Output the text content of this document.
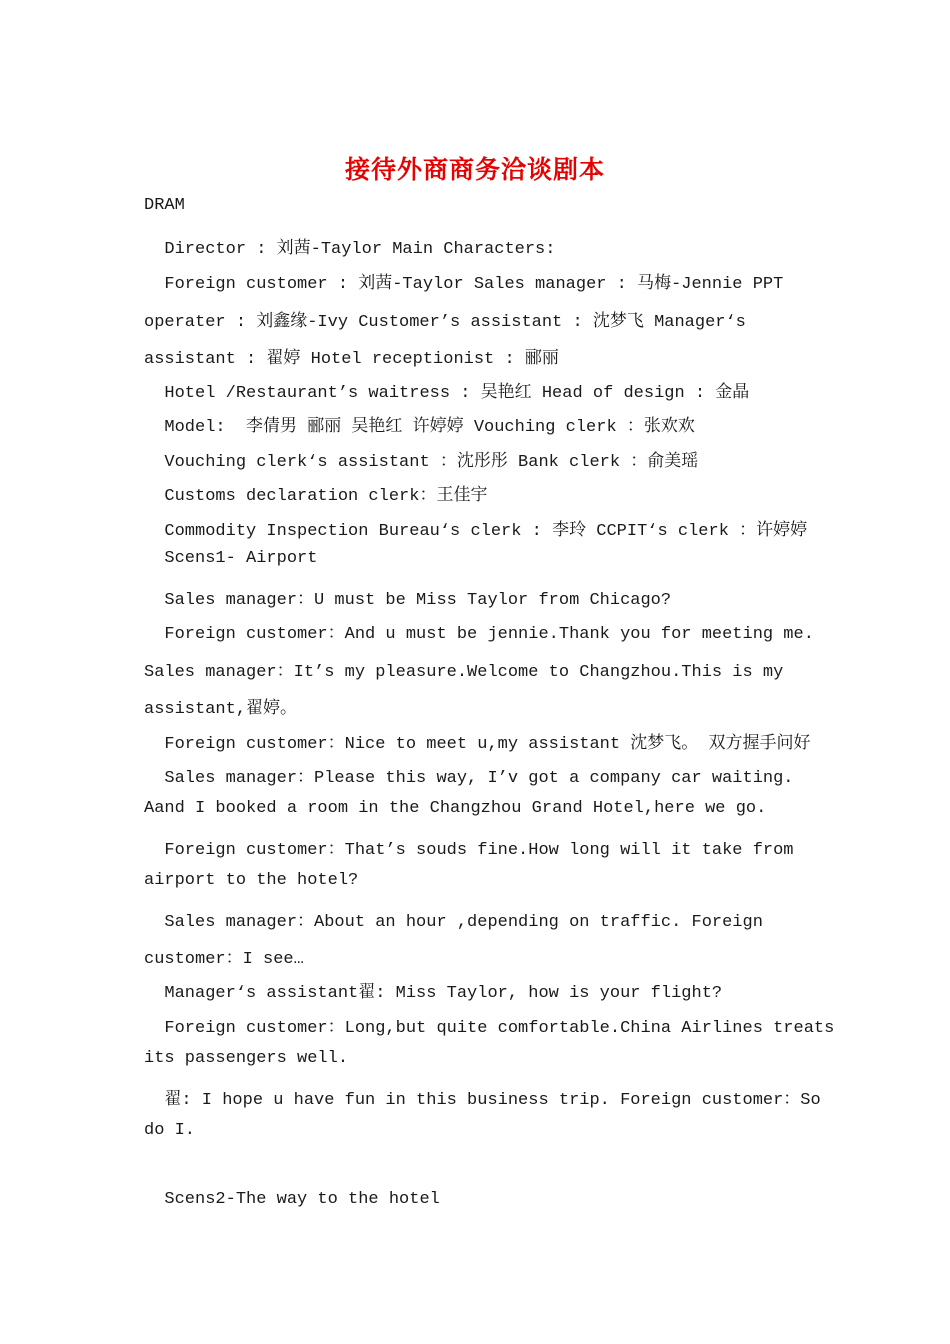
接待外商商务洽谈剧本

DRAM

Director : 刘茜-Taylor Main Characters:

Foreign customer : 刘茜-Taylor Sales manager : 马梅-Jennie PPT

operater : 刘鑫缘-Ivy Customer’s assistant : 沈梦飞 Manager‘s

assistant : 翟婷 Hotel receptionist : 郦丽

Hotel /Restaurant’s waitress : 吴艳红 Head of design : 金晶

Model:  李倩男 郦丽 吴艳红 许婷婷 Vouching clerk ：张欢欢

Vouching clerk‘s assistant ：沈彤彤 Bank clerk ：俞美瑶

Customs declaration clerk：王佳宇

Commodity Inspection Bureau‘s clerk : 李玲 CCPIT‘s clerk ：许婷婷

Scens1- Airport

Sales manager：U must be Miss Taylor from Chicago?

Foreign customer：And u must be jennie.Thank you for meeting me.

Sales manager：It’s my pleasure.Welcome to Changzhou.This is my

assistant,翟婷。

Foreign customer：Nice to meet u,my assistant 沈梦飞。 双方握手问好

Sales manager：Please this way, I’v got a company car waiting.

Aand I booked a room in the Changzhou Grand Hotel,here we go.

Foreign customer：That’s souds fine.How long will it take from

airport to the hotel?

Sales manager：About an hour ,depending on traffic. Foreign

customer：I see…

Manager‘s assistant翟: Miss Taylor, how is your flight?

Foreign customer：Long,but quite comfortable.China Airlines treats

its passengers well.

翟: I hope u have fun in this business trip. Foreign customer：So

do I.

Scens2-The way to the hotel
